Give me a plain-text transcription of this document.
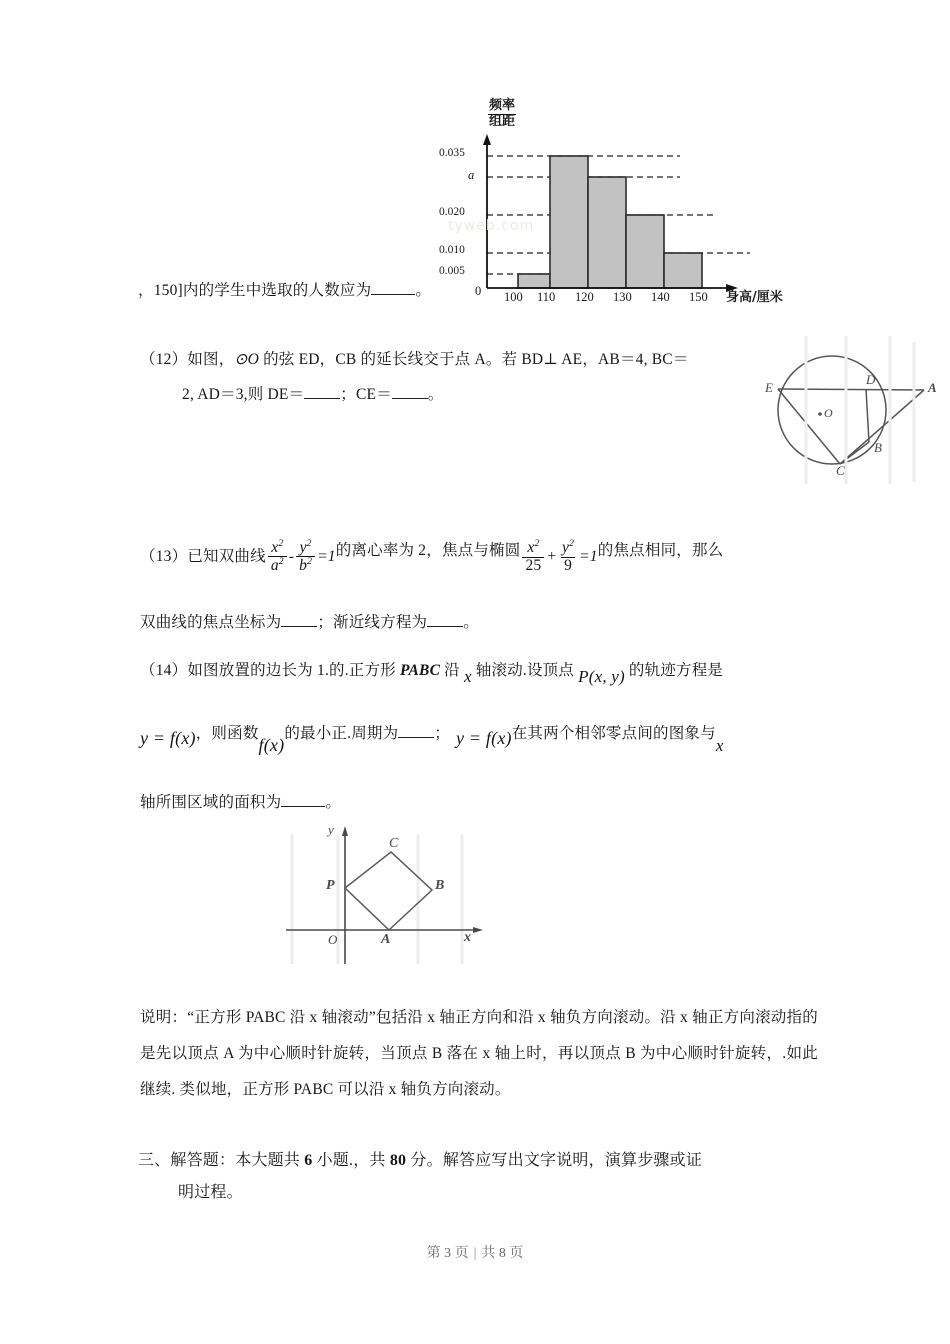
$\frac{\text{频率}}{\text{组距}}$
0.035
a
0.020
0.010
0.005
0 100 110 120 130 140 150 身高/厘米
tyweb.com
，150]内的学生中选取的人数应为	。
（12）如图，⊙O 的弦 ED，CB 的延长线交于点 A。若 BD⊥ AE，AB＝4, BC＝
2, AD＝3,则 DE＝ ；CE＝ 。	E
D
A
O
B
C
（13）已知双曲线 $\frac{x^2}{a^2} - \frac{y^2}{b^2} =1$的离心率为 2，焦点与椭圆 $\frac{x^2}{25} + \frac{y^2}{9} =1$的焦点相同，那么
双曲线的焦点坐标为 ；渐近线方程为 。
（14）如图放置的边长为 1.的.正方形 PABC 沿 x 轴滚动.设顶点 P(x, y) 的轨迹方程是
y = f(x)，则函数f(x)的最小正.周期为 ； y = f(x)在其两个相邻零点间的图象与x
轴所围区域的面积为	。
y
C
P	B
O	A	x
说明：“正方形 PABC 沿 x 轴滚动”包括沿 x 轴正方向和沿 x 轴负方向滚动。沿 x 轴正方向滚动指的是先以顶点 A 为中心顺时针旋转，当顶点 B 落在 x 轴上时，再以顶点 B 为中心顺时针旋转，.如此继续. 类似地，正方形 PABC 可以沿 x 轴负方向滚动。
三、解答题：本大题共 6 小题.，共 80 分。解答应写出文字说明，演算步骤或证
明过程。
第 3 页 | 共 8 页
